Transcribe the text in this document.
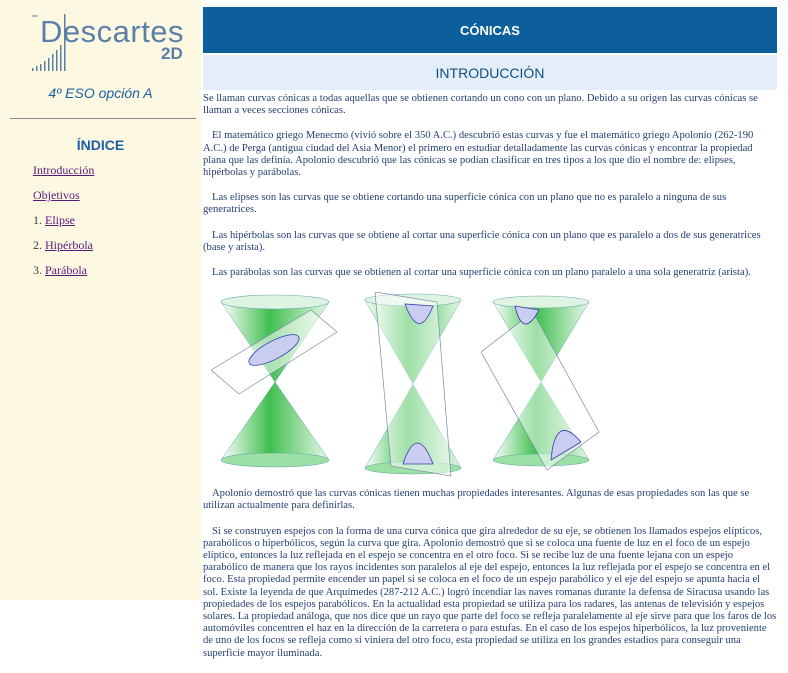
Descartes
2D
4º ESO opción A
ÍNDICE
Introducción
Objetivos
1. Elipse
2. Hipérbola
3. Parábola
CÓNICAS
INTRODUCCIÓN

Se llaman curvas cónicas a todas aquellas que se obtienen cortando un cono con un plano. Debido a su origen las curvas cónicas se llaman a veces secciones cónicas.

El matemático griego Menecmo (vivió sobre el 350 A.C.) descubrió estas curvas y fue el matemático griego Apolonio (262-190 A.C.) de Perga (antigua ciudad del Asia Menor) el primero en estudiar detalladamente las curvas cónicas y encontrar la propiedad plana que las definía. Apolonio descubrió que las cónicas se podían clasificar en tres tipos a los que dio el nombre de: elipses, hipérbolas y parábolas.

Las elipses son las curvas que se obtiene cortando una superficie cónica con un plano que no es paralelo a ninguna de sus generatrices.

Las hipérbolas son las curvas que se obtiene al cortar una superficie cónica con un plano que es paralelo a dos de sus generatrices (base y arista).

Las parábolas son las curvas que se obtienen al cortar una superficie cónica con un plano paralelo a una sola generatriz (arista).

Apolonio demostró que las curvas cónicas tienen muchas propiedades interesantes. Algunas de esas propiedades son las que se utilizan actualmente para definirlas.

Si se construyen espejos con la forma de una curva cónica que gira alrededor de su eje, se obtienen los llamados espejos elípticos, parabólicos o hiperbólicos, según la curva que gira. Apolonio demostró que si se coloca una fuente de luz en el foco de un espejo elíptico, entonces la luz reflejada en el espejo se concentra en el otro foco. Si se recibe luz de una fuente lejana con un espejo parabólico de manera que los rayos incidentes son paralelos al eje del espejo, entonces la luz reflejada por el espejo se concentra en el foco. Esta propiedad permite encender un papel si se coloca en el foco de un espejo parabólico y el eje del espejo se apunta hacia el sol. Existe la leyenda de que Arquímedes (287-212 A.C.) logró incendiar las naves romanas durante la defensa de Siracusa usando las propiedades de los espejos parabólicos. En la actualidad esta propiedad se utiliza para los radares, las antenas de televisión y espejos solares. La propiedad análoga, que nos dice que un rayo que parte del foco se refleja paralelamente al eje sirve para que los faros de los automóviles concentren el haz en la dirección de la carretera o para estufas. En el caso de los espejos hiperbólicos, la luz proveniente de uno de los focos se refleja como si viniera del otro foco, esta propiedad se utiliza en los grandes estadios para conseguir una superficie mayor iluminada.
